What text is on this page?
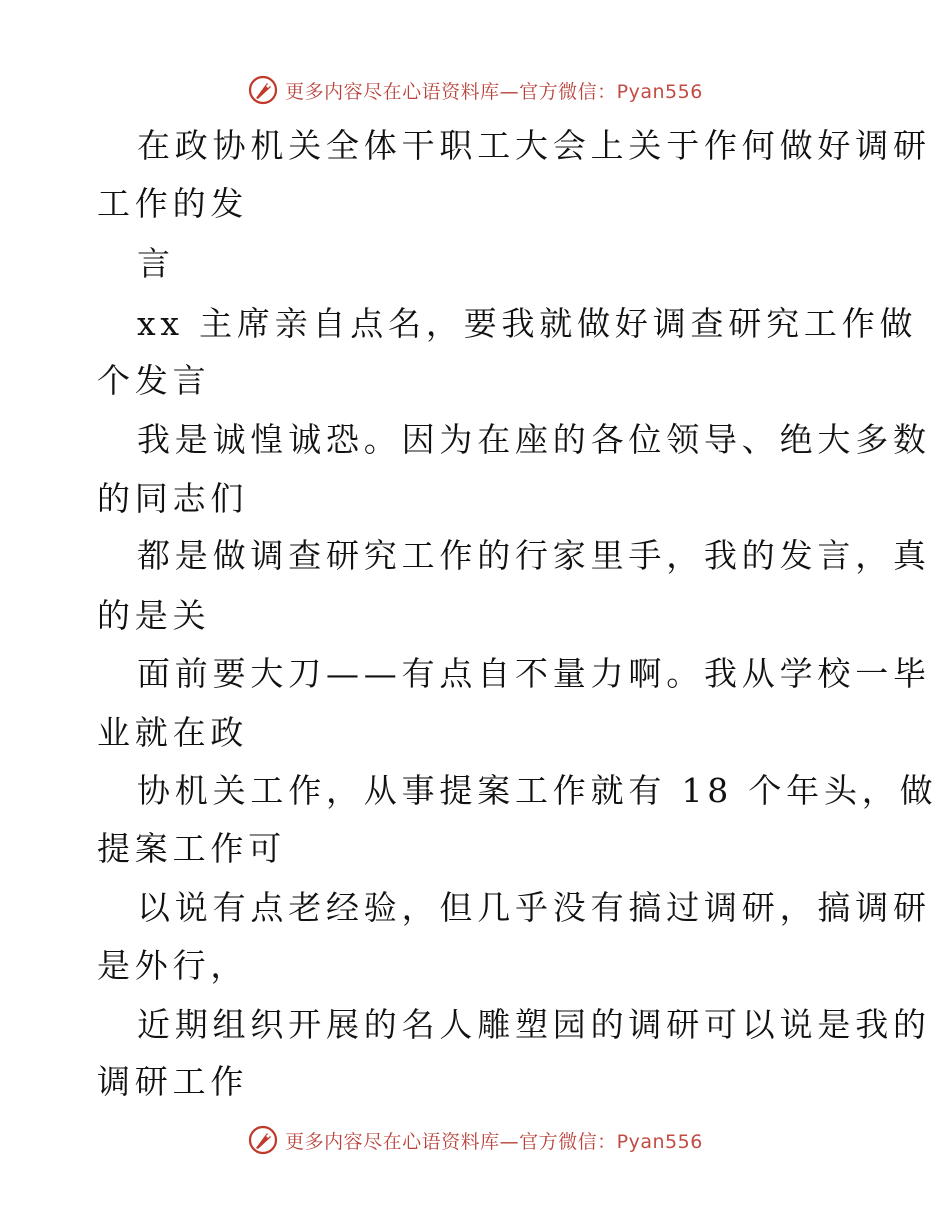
更多内容尽在心语资料库—官方微信：Pyan556
在政协机关全体干职工大会上关于作何做好调研
工作的发
言
xx 主席亲自点名，要我就做好调查研究工作做
个发言
我是诚惶诚恐。因为在座的各位领导、绝大多数
的同志们
都是做调查研究工作的行家里手，我的发言，真
的是关
面前要大刀——有点自不量力啊。我从学校一毕
业就在政
协机关工作，从事提案工作就有 18 个年头，做
提案工作可
以说有点老经验，但几乎没有搞过调研，搞调研
是外行，
近期组织开展的名人雕塑园的调研可以说是我的
调研工作
更多内容尽在心语资料库—官方微信：Pyan556
